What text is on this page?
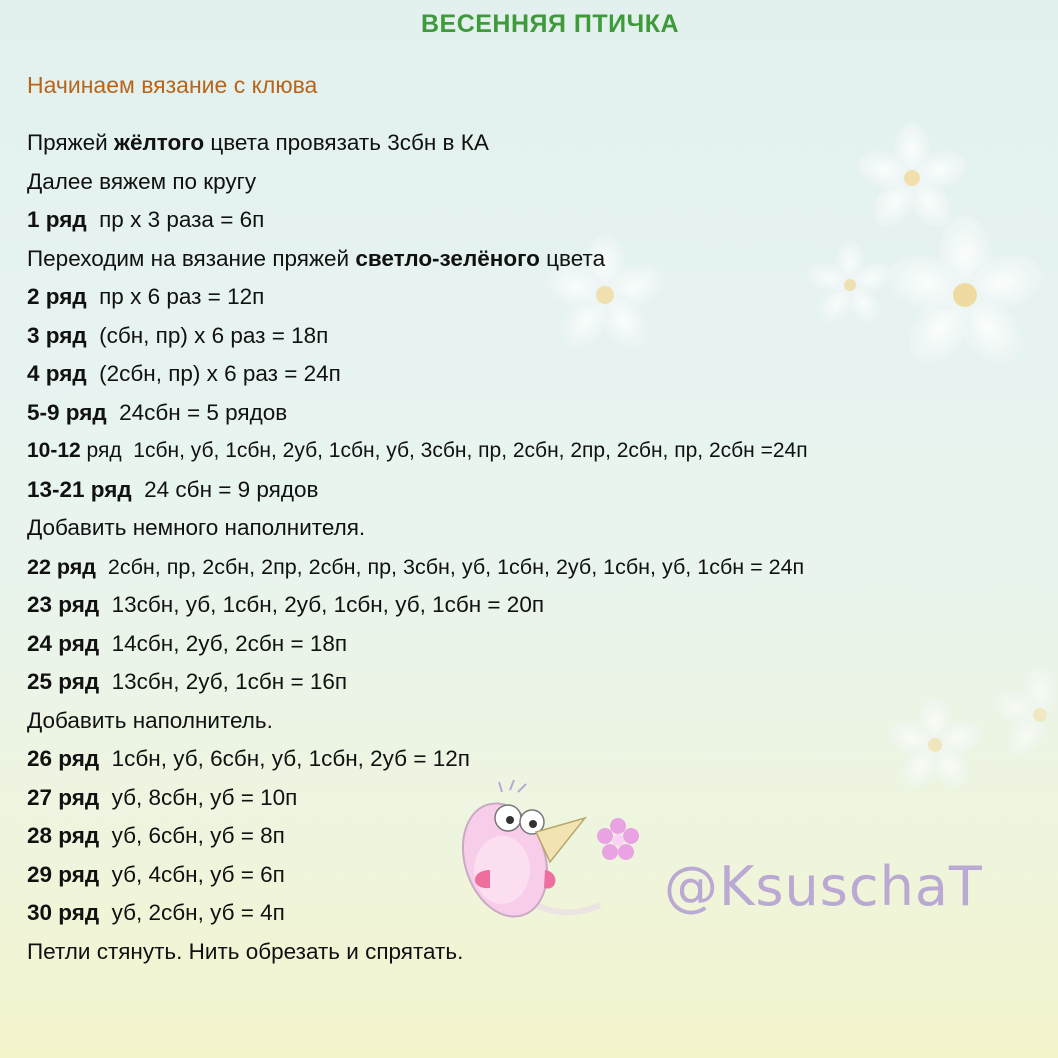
ВЕСЕННЯЯ ПТИЧКА
Начинаем вязание с клюва
Пряжей жёлтого цвета провязать 3сбн в КА
Далее вяжем по кругу
1 ряд  пр х 3 раза = 6п
Переходим на вязание пряжей светло-зелёного цвета
2 ряд  пр х 6 раз = 12п
3 ряд  (сбн, пр) х 6 раз = 18п
4 ряд  (2сбн, пр) х 6 раз = 24п
5-9 ряд  24сбн = 5 рядов
10-12 ряд  1сбн, уб, 1сбн, 2уб, 1сбн, уб, 3сбн, пр, 2сбн, 2пр, 2сбн, пр, 2сбн =24п
13-21 ряд  24 сбн = 9 рядов
Добавить немного наполнителя.
22 ряд  2сбн, пр, 2сбн, 2пр, 2сбн, пр, 3сбн, уб, 1сбн, 2уб, 1сбн, уб, 1сбн = 24п
23 ряд  13сбн, уб, 1сбн, 2уб, 1сбн, уб, 1сбн = 20п
24 ряд  14сбн, 2уб, 2сбн = 18п
25 ряд  13сбн, 2уб, 1сбн = 16п
Добавить наполнитель.
26 ряд  1сбн, уб, 6сбн, уб, 1сбн, 2уб = 12п
27 ряд  уб, 8сбн, уб = 10п
28 ряд  уб, 6сбн, уб = 8п
29 ряд  уб, 4сбн, уб = 6п
30 ряд  уб, 2сбн, уб = 4п
Петли стянуть. Нить обрезать и спрятать.
@KsuschaT
